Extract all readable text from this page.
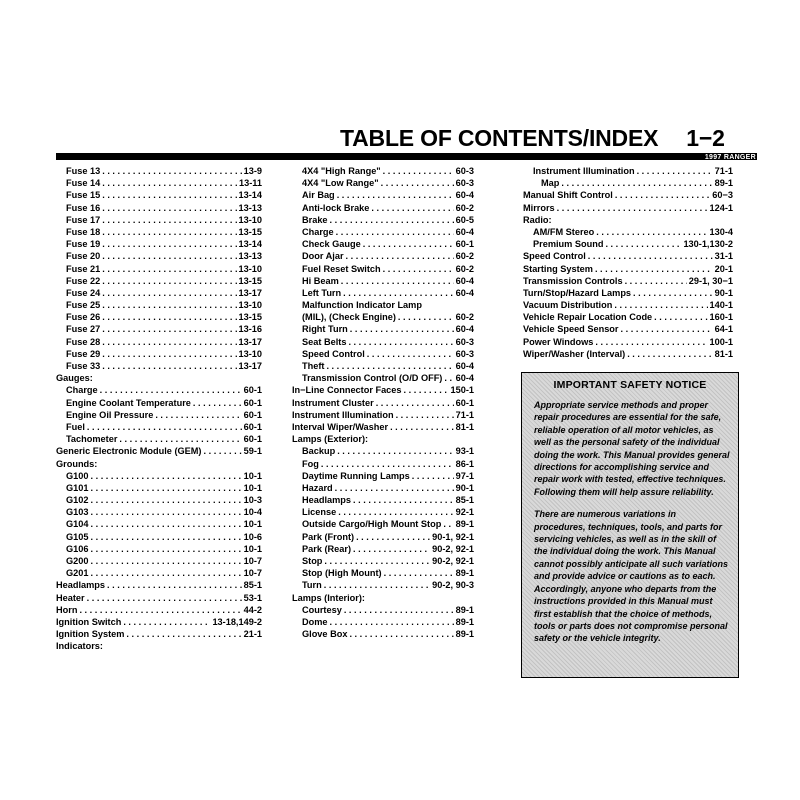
TABLE OF CONTENTS/INDEX 1−2
1997 RANGER
Fuse 13 . . .	13-9
Fuse 14 . . .	13-11
Fuse 15 . . .	13-14
Fuse 16 . . .	13-13
Fuse 17 . . .	13-10
Fuse 18 . . .	13-15
Fuse 19 . . .	13-14
Fuse 20 . . .	13-13
Fuse 21 . . .	13-10
Fuse 22 . . .	13-15
Fuse 24 . . .	13-17
Fuse 25 . . .	13-10
Fuse 26 . . .	13-15
Fuse 27 . . .	13-16
Fuse 28 . . .	13-17
Fuse 29 . . .	13-10
Fuse 33 . . .	13-17
Gauges:
Charge . . .	60-1
Engine Coolant Temperature . . .	60-1
Engine Oil Pressure . . .	60-1
Fuel . . .	60-1
Tachometer . . .	60-1
Generic Electronic Module (GEM) . . .	59-1
Grounds:
G100 . . .	10-1
G101 . . .	10-1
G102 . . .	10-3
G103 . . .	10-4
G104 . . .	10-1
G105 . . .	10-6
G106 . . .	10-1
G200 . . .	10-7
G201 . . .	10-7
Headlamps . . .	85-1
Heater . . .	53-1
Horn . . .	44-2
Ignition Switch . . .	13-18,149-2
Ignition System . . .	21-1
Indicators:
4X4 "High Range" . . .	60-3
4X4 "Low Range" . . .	60-3
Air Bag . . .	60-4
Anti-lock Brake . . .	60-2
Brake . . .	60-5
Charge . . .	60-4
Check Gauge . . .	60-1
Door Ajar . . .	60-2
Fuel Reset Switch . . .	60-2
Hi Beam . . .	60-4
Left Turn . . .	60-4
Malfunction Indicator Lamp
(MIL), (Check Engine) . . .	60-2
Right Turn . . .	60-4
Seat Belts . . .	60-3
Speed Control . . .	60-3
Theft . . .	60-4
Transmission Control (O/D OFF) . . . 60-4
In−Line Connector Faces . . .	150-1
Instrument Cluster . . .	60-1
Instrument Illumination . . .	71-1
Interval Wiper/Washer . . .	81-1
Lamps (Exterior):
Backup . . .	93-1
Fog . . .	86-1
Daytime Running Lamps . . .	97-1
Hazard . . .	90-1
Headlamps . . .	85-1
License . . .	92-1
Outside Cargo/High Mount Stop . . . 89-1
Park (Front) . . .	90-1, 92-1
Park (Rear) . . .	90-2, 92-1
Stop . . .	90-2, 92-1
Stop (High Mount) . . .	89-1
Turn . . .	90-2, 90-3
Lamps (Interior):
Courtesy . . .	89-1
Dome . . .	89-1
Glove Box . . .	89-1
Instrument Illumination . . .	71-1
Map . . .	89-1
Manual Shift Control . . .	60−3
Mirrors . . .	124-1
Radio:
AM/FM Stereo . . .	130-4
Premium Sound . . .	130-1,130-2
Speed Control . . .	31-1
Starting System . . .	20-1
Transmission Controls . . .	29-1, 30−1
Turn/Stop/Hazard Lamps . . .	90-1
Vacuum Distribution . . .	140-1
Vehicle Repair Location Code . . .	160-1
Vehicle Speed Sensor . . .	64-1
Power Windows . . .	100-1
Wiper/Washer (Interval) . . .	81-1
IMPORTANT SAFETY NOTICE

Appropriate service methods and proper repair procedures are essential for the safe, reliable operation of all motor vehicles, as well as the personal safety of the individual doing the work. This Manual provides general directions for accomplishing service and repair work with tested, effective techniques. Following them will help assure reliability.

There are numerous variations in procedures, techniques, tools, and parts for servicing vehicles, as well as in the skill of the individual doing the work. This Manual cannot possibly anticipate all such variations and provide advice or cautions as to each. Accordingly, anyone who departs from the instructions provided in this Manual must first establish that the choice of methods, tools or parts does not compromise personal safety or the vehicle integrity.
